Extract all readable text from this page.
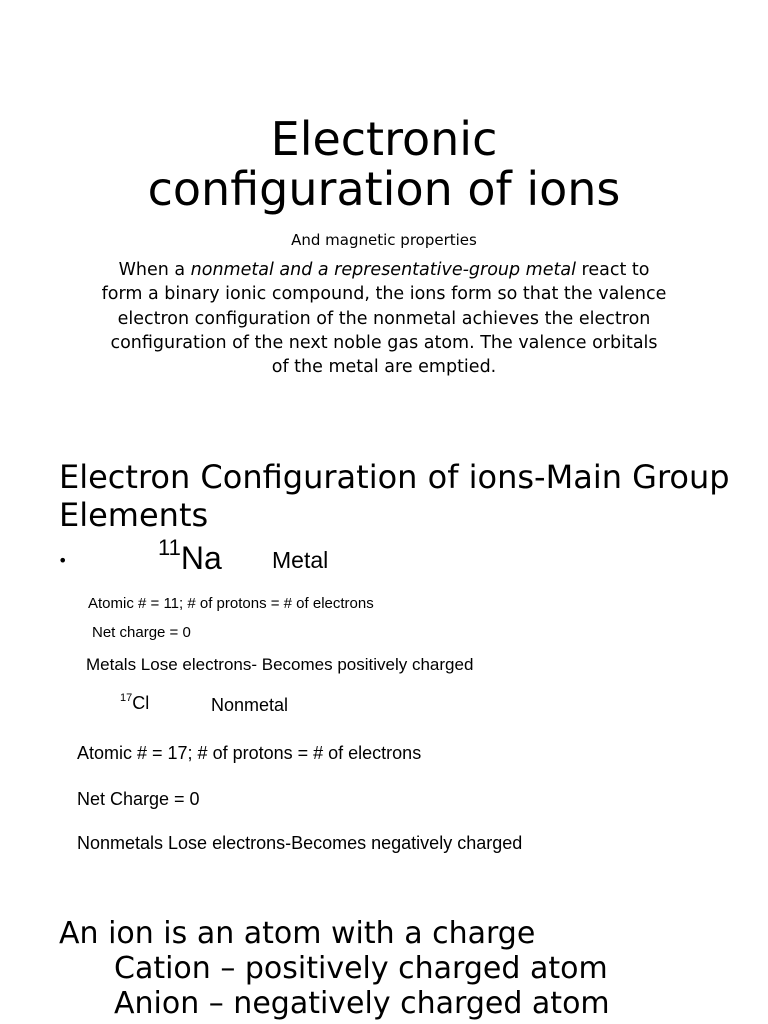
Electronic
configuration of ions
And magnetic properties
When a nonmetal and a representative-group metal react to form a binary ionic compound, the ions form so that the valence electron configuration of the nonmetal achieves the electron configuration of the next noble gas atom. The valence orbitals of the metal are emptied.
Electron Configuration of ions-Main Group Elements
•
11Na Metal
Atomic # = 11; # of protons = # of electrons
Net charge = 0
Metals Lose electrons- Becomes positively charged
$^{17}$Cl	Nonmetal
Atomic # = 17; # of protons = # of electrons
Net Charge = 0
Nonmetals Lose electrons-Becomes negatively charged
An ion is an atom with a charge
Cation – positively charged atom
Anion – negatively charged atom
